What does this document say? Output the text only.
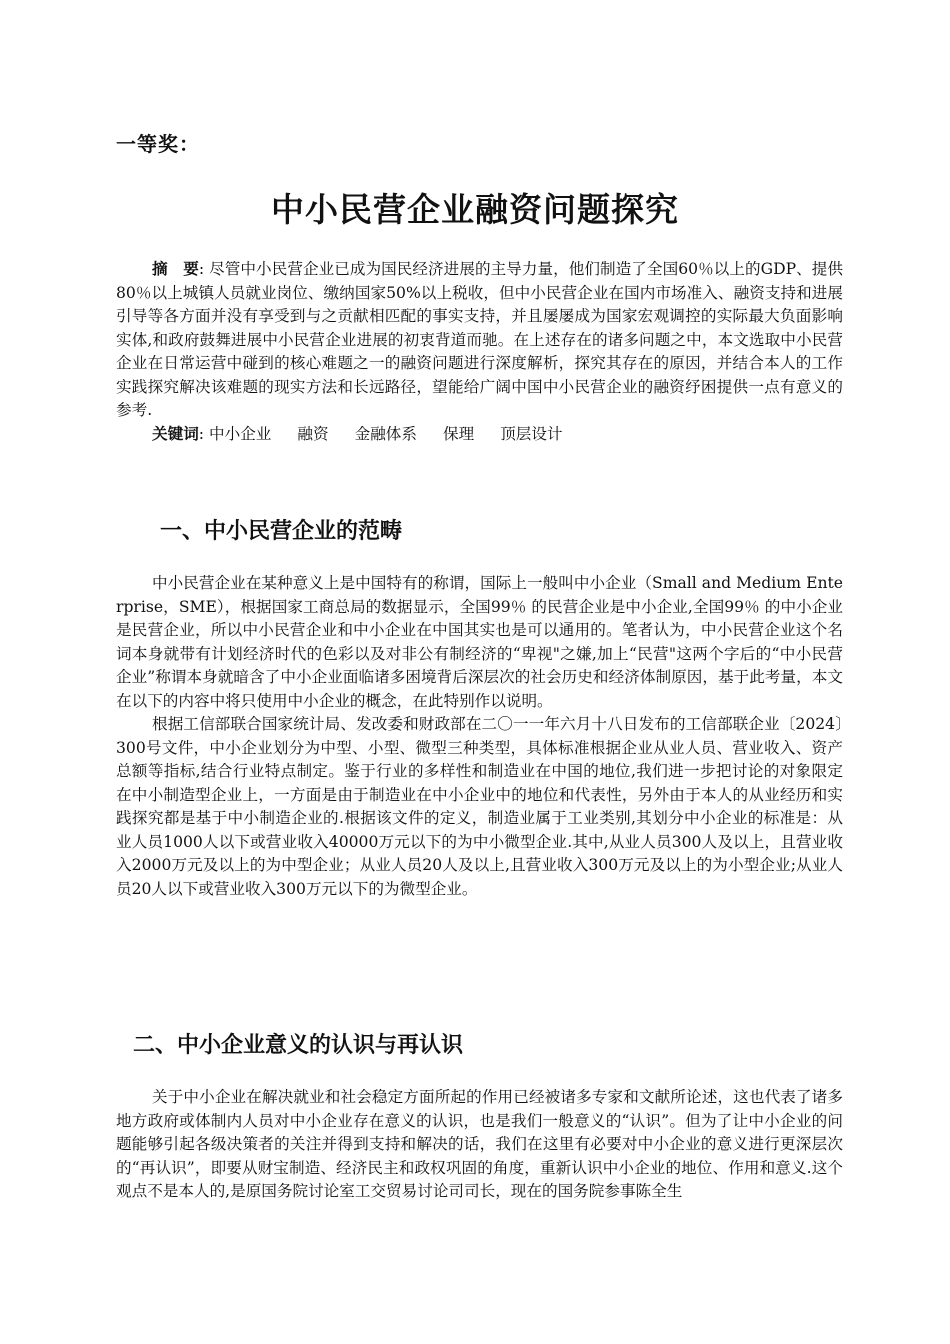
一等奖：
中小民营企业融资问题探究

摘　要: 尽管中小民营企业已成为国民经济进展的主导力量，他们制造了全国60％以上的GDP、提供80％以上城镇人员就业岗位、缴纳国家50%以上税收，但中小民营企业在国内市场准入、融资支持和进展引导等各方面并没有享受到与之贡献相匹配的事实支持，并且屡屡成为国家宏观调控的实际最大负面影响实体,和政府鼓舞进展中小民营企业进展的初衷背道而驰。在上述存在的诸多问题之中，本文选取中小民营企业在日常运营中碰到的核心难题之一的融资问题进行深度解析，探究其存在的原因，并结合本人的工作实践探究解决该难题的现实方法和长远路径，望能给广阔中国中小民营企业的融资纾困提供一点有意义的参考.

关键词: 中小企业 融资 金融体系 保理 顶层设计

一、中小民营企业的范畴

中小民营企业在某种意义上是中国特有的称谓，国际上一般叫中小企业（Small and Medium Enterprise，SME），根据国家工商总局的数据显示，全国99％ 的民营企业是中小企业,全国99％ 的中小企业是民营企业，所以中小民营企业和中小企业在中国其实也是可以通用的。笔者认为，中小民营企业这个名词本身就带有计划经济时代的色彩以及对非公有制经济的“卑视"之嫌,加上“民营"这两个字后的“中小民营企业”称谓本身就暗含了中小企业面临诸多困境背后深层次的社会历史和经济体制原因，基于此考量，本文在以下的内容中将只使用中小企业的概念，在此特别作以说明。

根据工信部联合国家统计局、发改委和财政部在二〇一一年六月十八日发布的工信部联企业〔2024〕300号文件，中小企业划分为中型、小型、微型三种类型，具体标准根据企业从业人员、营业收入、资产总额等指标,结合行业特点制定。鉴于行业的多样性和制造业在中国的地位,我们进一步把讨论的对象限定在中小制造型企业上，一方面是由于制造业在中小企业中的地位和代表性，另外由于本人的从业经历和实践探究都是基于中小制造企业的.根据该文件的定义，制造业属于工业类别,其划分中小企业的标准是：从业人员1000人以下或营业收入40000万元以下的为中小微型企业.其中,从业人员300人及以上，且营业收入2000万元及以上的为中型企业；从业人员20人及以上,且营业收入300万元及以上的为小型企业;从业人员20人以下或营业收入300万元以下的为微型企业。

二、中小企业意义的认识与再认识

关于中小企业在解决就业和社会稳定方面所起的作用已经被诸多专家和文献所论述，这也代表了诸多地方政府或体制内人员对中小企业存在意义的认识，也是我们一般意义的“认识”。但为了让中小企业的问题能够引起各级决策者的关注并得到支持和解决的话，我们在这里有必要对中小企业的意义进行更深层次的“再认识”，即要从财宝制造、经济民主和政权巩固的角度，重新认识中小企业的地位、作用和意义.这个观点不是本人的,是原国务院讨论室工交贸易讨论司司长，现在的国务院参事陈全生
